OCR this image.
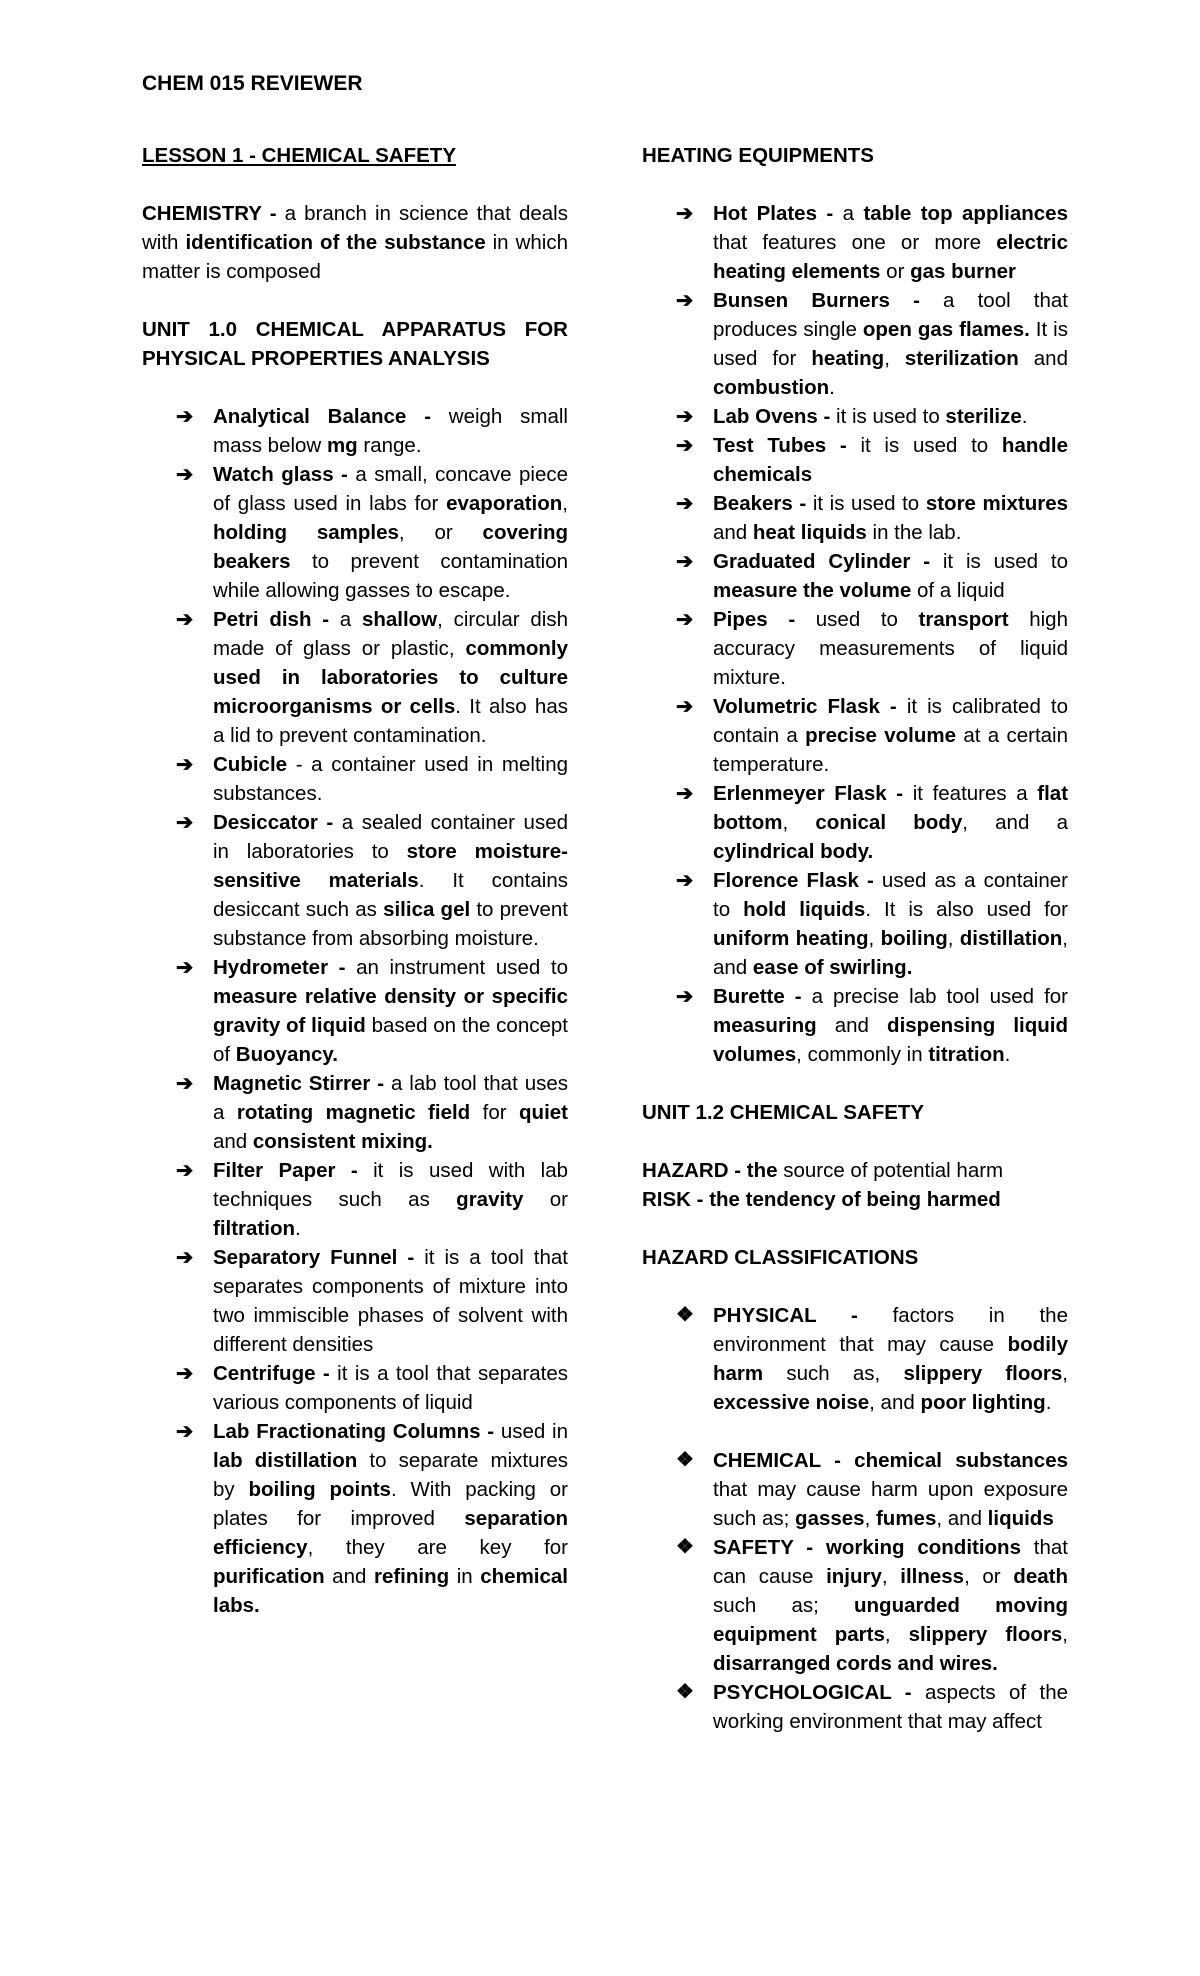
CHEM 015 REVIEWER
LESSON 1 - CHEMICAL SAFETY
CHEMISTRY - a branch in science that deals with identification of the substance in which matter is composed
UNIT 1.0 CHEMICAL APPARATUS FOR PHYSICAL PROPERTIES ANALYSIS
➔ Analytical Balance - weigh small mass below mg range.
➔ Watch glass - a small, concave piece of glass used in labs for evaporation, holding samples, or covering beakers to prevent contamination while allowing gasses to escape.
➔ Petri dish - a shallow, circular dish made of glass or plastic, commonly used in laboratories to culture microorganisms or cells. It also has a lid to prevent contamination.
➔ Cubicle - a container used in melting substances.
➔ Desiccator - a sealed container used in laboratories to store moisture-sensitive materials. It contains desiccant such as silica gel to prevent substance from absorbing moisture.
➔ Hydrometer - an instrument used to measure relative density or specific gravity of liquid based on the concept of Buoyancy.
➔ Magnetic Stirrer - a lab tool that uses a rotating magnetic field for quiet and consistent mixing.
➔ Filter Paper - it is used with lab techniques such as gravity or filtration.
➔ Separatory Funnel - it is a tool that separates components of mixture into two immiscible phases of solvent with different densities
➔ Centrifuge - it is a tool that separates various components of liquid
➔ Lab Fractionating Columns - used in lab distillation to separate mixtures by boiling points. With packing or plates for improved separation efficiency, they are key for purification and refining in chemical labs.
HEATING EQUIPMENTS
➔ Hot Plates - a table top appliances that features one or more electric heating elements or gas burner
➔ Bunsen Burners - a tool that produces single open gas flames. It is used for heating, sterilization and combustion.
➔ Lab Ovens - it is used to sterilize.
➔ Test Tubes - it is used to handle chemicals
➔ Beakers - it is used to store mixtures and heat liquids in the lab.
➔ Graduated Cylinder - it is used to measure the volume of a liquid
➔ Pipes - used to transport high accuracy measurements of liquid mixture.
➔ Volumetric Flask - it is calibrated to contain a precise volume at a certain temperature.
➔ Erlenmeyer Flask - it features a flat bottom, conical body, and a cylindrical body.
➔ Florence Flask - used as a container to hold liquids. It is also used for uniform heating, boiling, distillation, and ease of swirling.
➔ Burette - a precise lab tool used for measuring and dispensing liquid volumes, commonly in titration.
UNIT 1.2 CHEMICAL SAFETY
HAZARD - the source of potential harm
RISK - the tendency of being harmed
HAZARD CLASSIFICATIONS
❖ PHYSICAL - factors in the environment that may cause bodily harm such as, slippery floors, excessive noise, and poor lighting.
❖ CHEMICAL - chemical substances that may cause harm upon exposure such as; gasses, fumes, and liquids
❖ SAFETY - working conditions that can cause injury, illness, or death such as; unguarded moving equipment parts, slippery floors, disarranged cords and wires.
❖ PSYCHOLOGICAL - aspects of the working environment that may affect
